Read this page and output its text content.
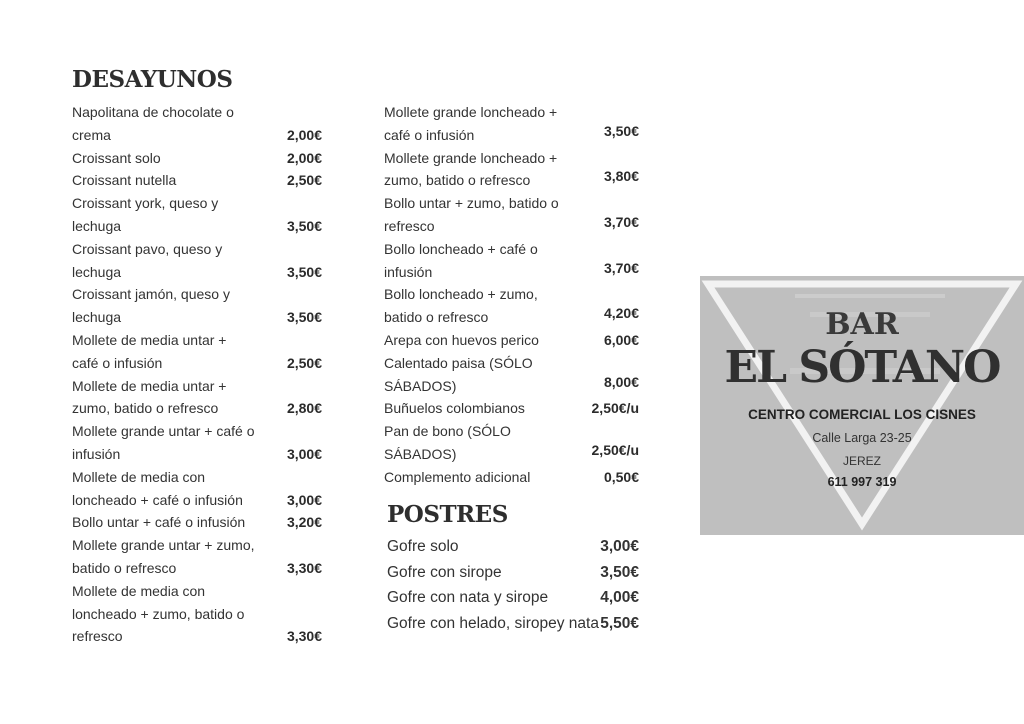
DESAYUNOS
Napolitana de chocolate o
crema	2,00€
Croissant solo	2,00€
Croissant nutella	2,50€
Croissant york, queso y
lechuga	3,50€
Croissant pavo, queso y
lechuga	3,50€
Croissant jamón, queso y
lechuga	3,50€
Mollete de media untar +
café o infusión	2,50€
Mollete de media untar +
zumo, batido o refresco	2,80€
Mollete grande untar + café o
infusión	3,00€
Mollete de media con
loncheado + café o infusión	3,00€
Bollo untar + café o infusión	3,20€
Mollete grande untar + zumo,
batido o refresco	3,30€
Mollete de media con
loncheado + zumo, batido o
refresco	3,30€
Mollete grande loncheado +
café o infusión	3,50€
Mollete grande loncheado +
zumo, batido o refresco	3,80€
Bollo untar + zumo, batido o
refresco	3,70€
Bollo loncheado + café o
infusión	3,70€
Bollo loncheado + zumo,
batido o refresco	4,20€
Arepa con huevos perico	6,00€
Calentado paisa (SÓLO
SÁBADOS)	8,00€
Buñuelos colombianos	2,50€/u
Pan de bono (SÓLO
SÁBADOS)	2,50€/u
Complemento adicional	0,50€
POSTRES
Gofre solo	3,00€
Gofre con sirope	3,50€
Gofre con nata y sirope	4,00€
Gofre con helado, siropey nata 5,50€
BAR
EL SÓTANO
CENTRO COMERCIAL LOS CISNES
Calle Larga 23-25
JEREZ
611 997 319
